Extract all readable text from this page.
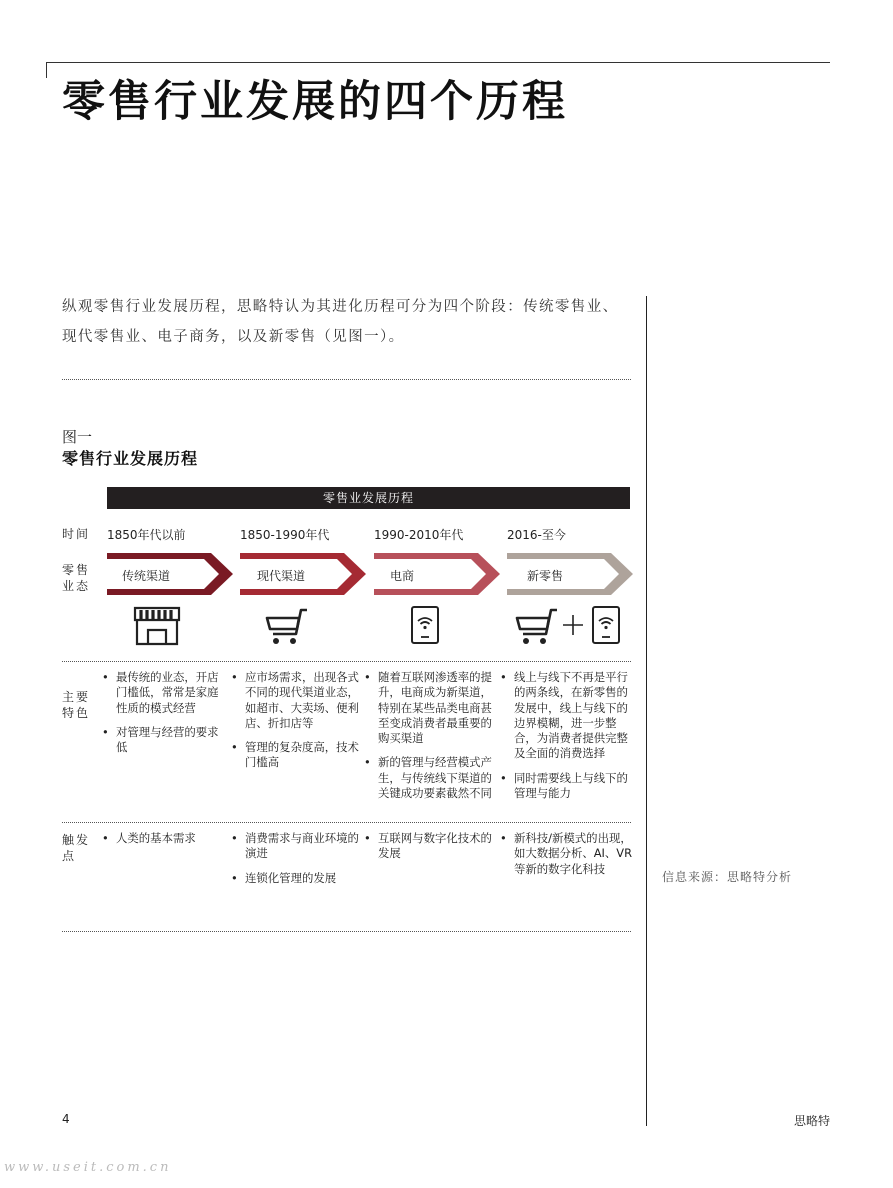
零售行业发展的四个历程

纵观零售行业发展历程，思略特认为其进化历程可分为四个阶段：传统零售业、现代零售业、电子商务，以及新零售（见图一）。

图一
零售行业发展历程
零售业发展历程
时间
零售
业态
主要
特色
触发
点
1850年代以前	1850-1990年代	1990-2010年代	2016-至今
传统渠道	现代渠道	电商	新零售
• 最传统的业态，开店门槛低，常常是家庭性质的模式经营
• 对管理与经营的要求低
• 应市场需求，出现各式不同的现代渠道业态，如超市、大卖场、便利店、折扣店等
• 管理的复杂度高，技术门槛高
• 随着互联网渗透率的提升，电商成为新渠道，特别在某些品类电商甚至变成消费者最重要的购买渠道
• 新的管理与经营模式产生，与传统线下渠道的关键成功要素截然不同
• 线上与线下不再是平行的两条线，在新零售的发展中，线上与线下的边界模糊，进一步整合，为消费者提供完整及全面的消费选择
• 同时需要线上与线下的管理与能力
• 人类的基本需求
•	消费需求与商业环境的演进
• 连锁化管理的发展
• 互联网与数字化技术的发展
• 新科技/新模式的出现，如大数据分析、AI、VR等新的数字化科技
信息来源：思略特分析
4	思略特
www.useit.com.cn
